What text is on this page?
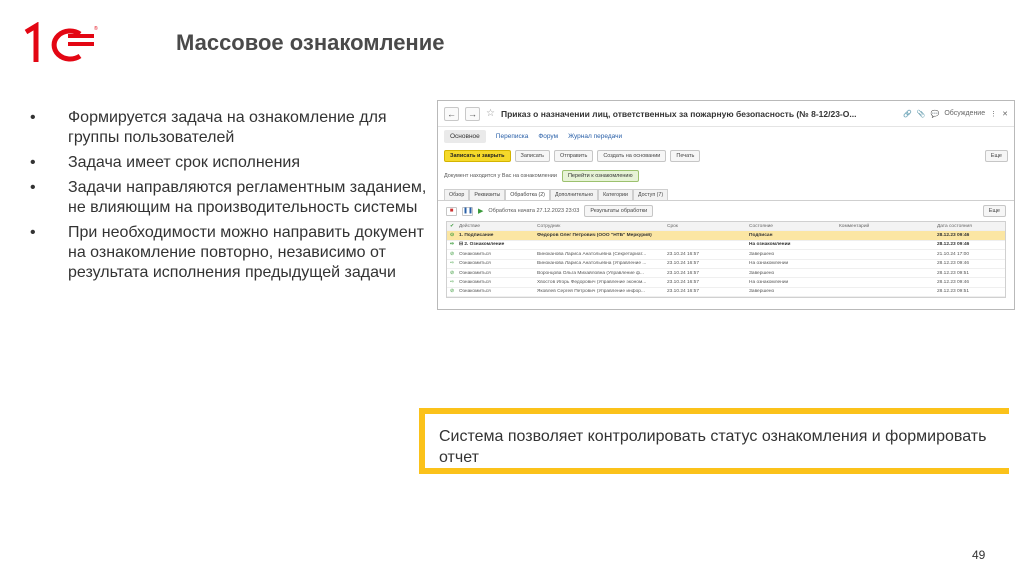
®
Массовое ознакомление
• Формируется задача на ознакомление для группы пользователей
• Задача имеет срок исполнения
• Задачи направляются регламентным заданием, не влияющим на производительность системы
• При необходимости можно направить документ на ознакомление повторно, независимо от результата исполнения предыдущей задачи
←	→ ☆ Приказ о назначении лиц, ответственных за пожарную безопасность (№ 8-12/23-О...	🔗 📎 💬 Обсуждение ⋮ ✕
Основное	Переписка Форум Журнал передачи
Записать и закрыть	Записать	Отправить	Создать на основании	Печать	Еще
Документ находится у Вас на ознакомлении	Перейти к ознакомлению
Обзор	Реквизиты	Обработка (2)	Дополнительно	Категории	Доступ (7)
■	❚❚ ▶ Обработка начата 27.12.2023 23:03	Результаты обработки	Еще
✔	Действие	Сотрудник	Срок	Состояние	Комментарий	Дата состояния
⊙	1. Подписание	Федоров Олег Петрович (ООО "НТБ" Меркурий)	Подписан	28.12.23 09:46
⇨	⊟ 2. Ознакомление	На ознакомлении	28.12.23 09:46
⊘	Ознакомиться	Виноканова Лариса Анатольевна (Секретариат...	23.10.24 16:57	Завершено	21.10.24 17:00
⇨	Ознакомиться	Виноканова Лариса Анатольевна (Управление ...	23.10.24 16:57	На ознакомлении	28.12.23 09:46
⊘	Ознакомиться	Воронцова Ольга Михайловна (Управление ф...	23.10.24 16:57	Завершено	28.12.23 09:51
⇨	Ознакомиться	Хвостов Игорь Федорович (Управление эконом...	23.10.24 16:57	На ознакомлении	28.12.23 09:46
⊘	Ознакомиться	Яковлев Сергей Петрович (Управление инфор...	23.10.24 16:57	Завершено	28.12.23 09:51
Система позволяет контролировать статус ознакомления и формировать отчет
49
